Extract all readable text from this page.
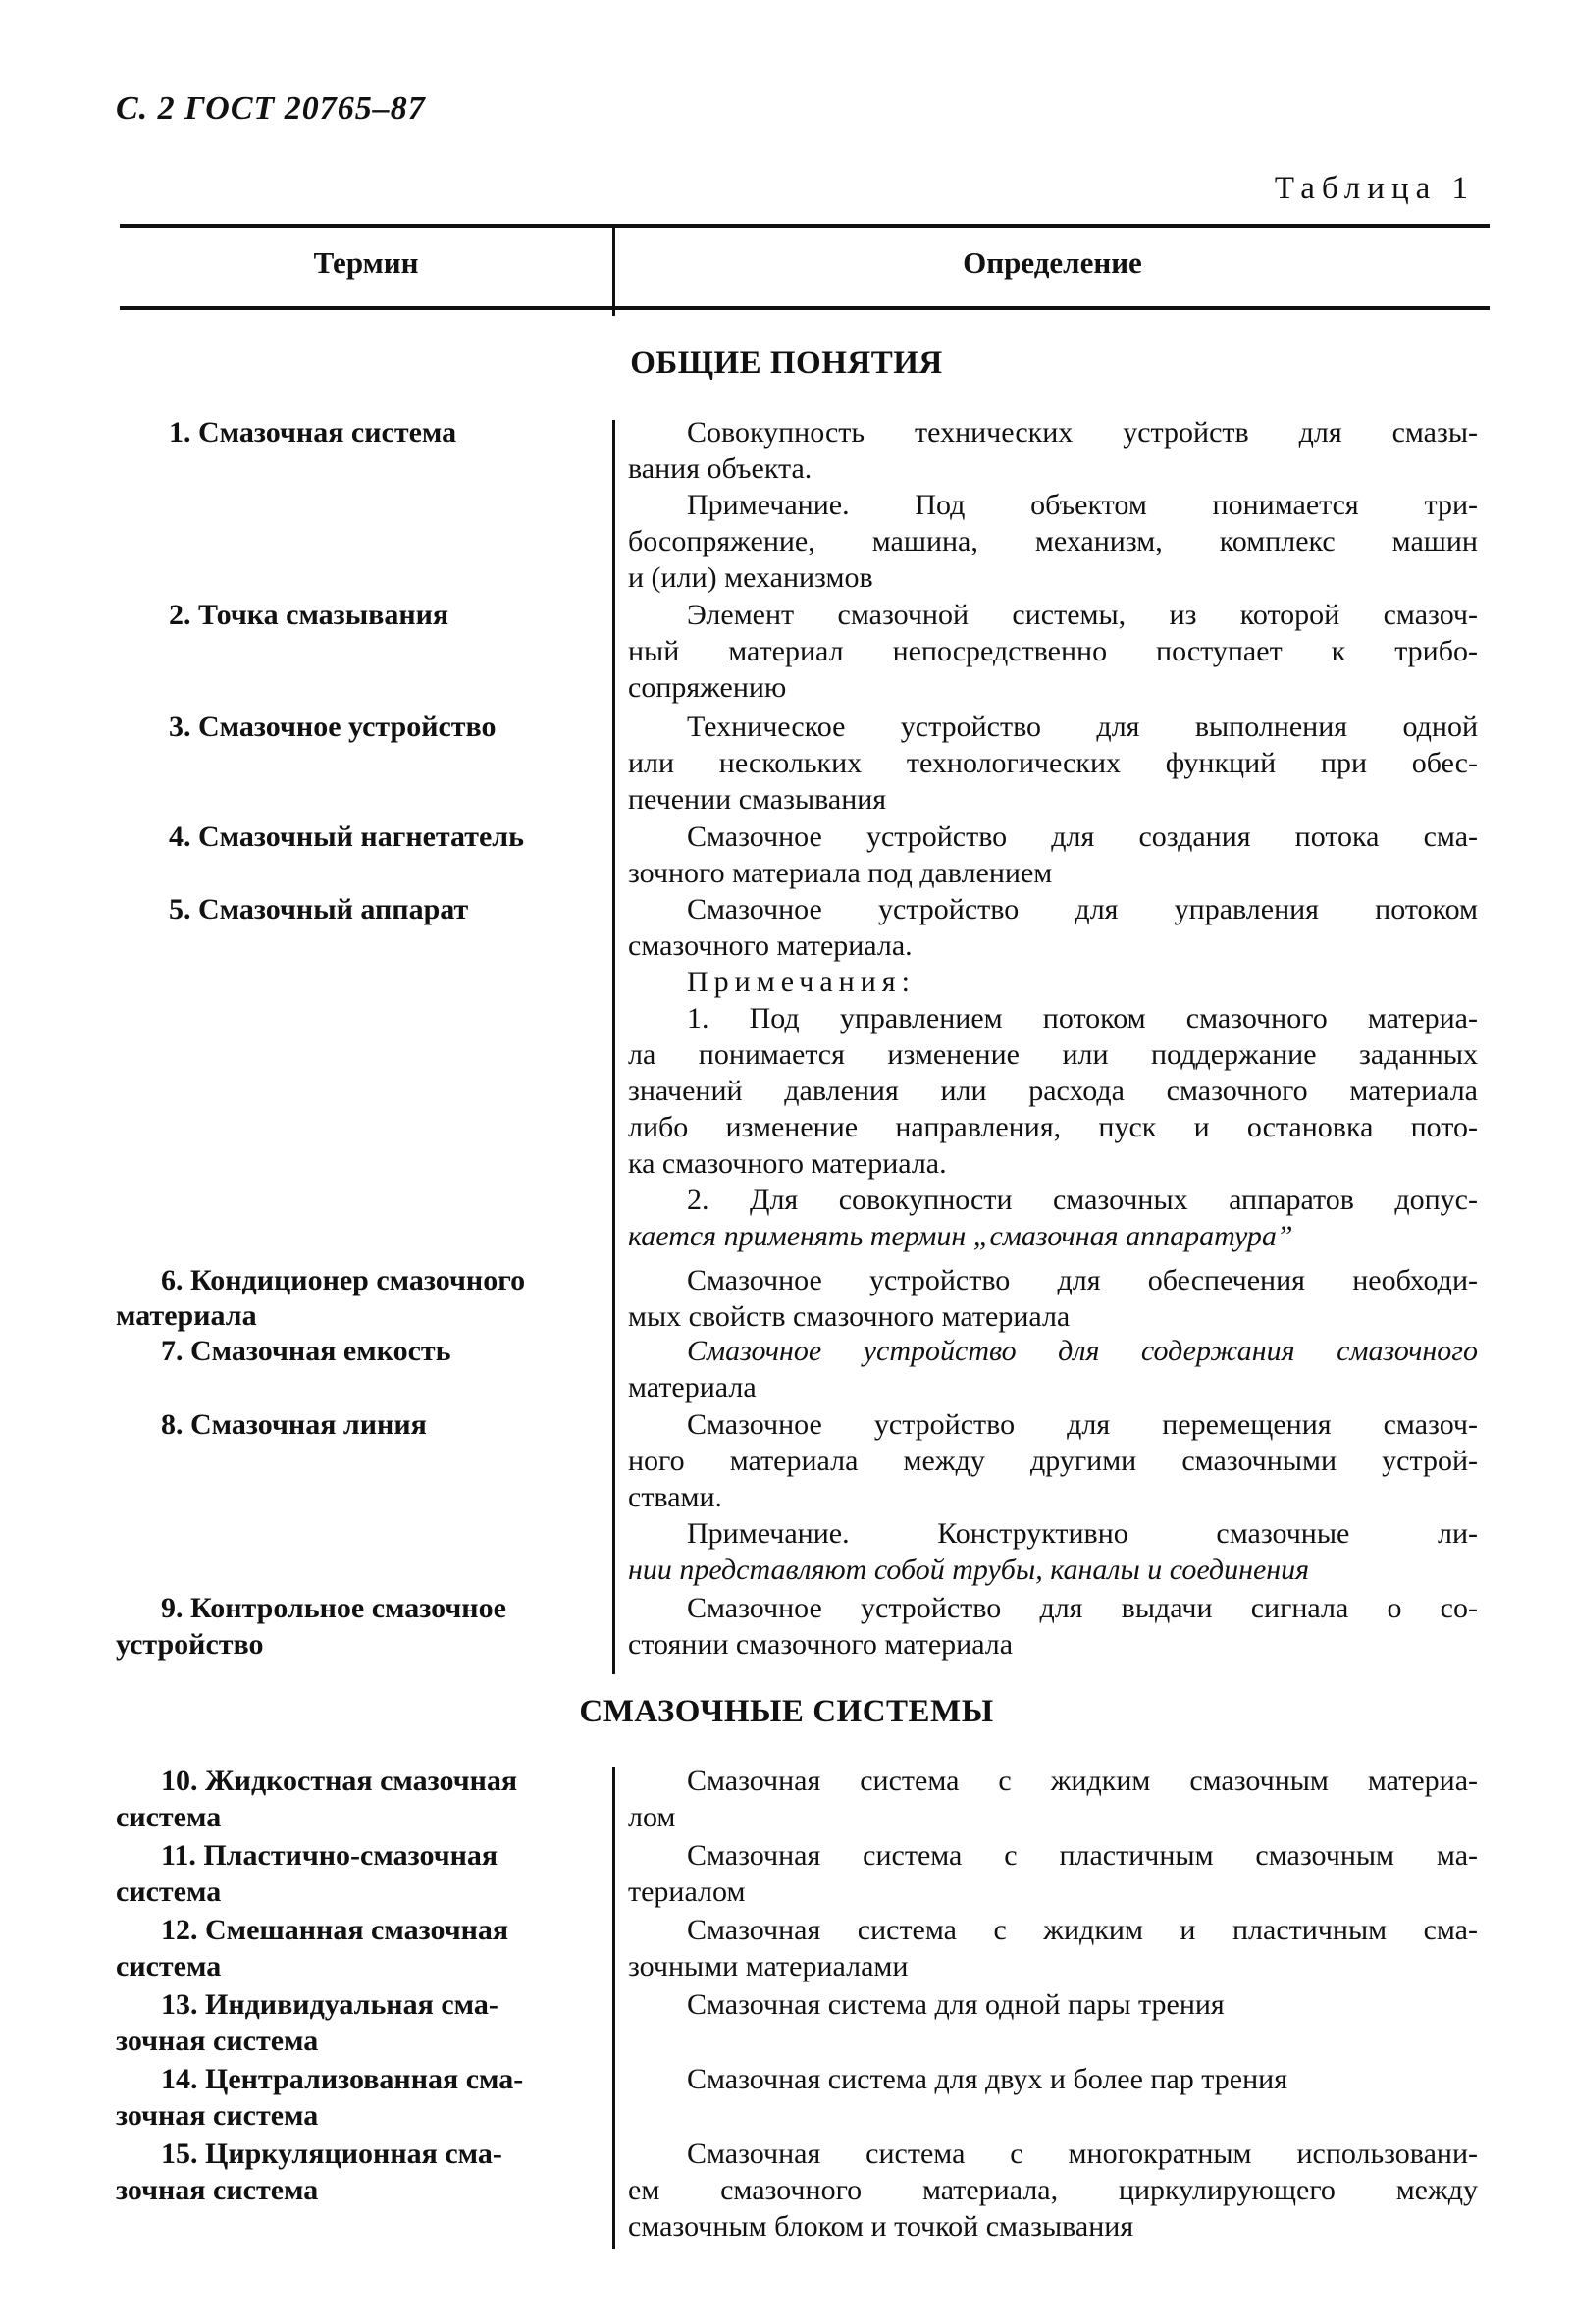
С. 2 ГОСТ 20765–87
Таблица 1
Термин	Определение
ОБЩИЕ ПОНЯТИЯ
1. Смазочная система
2. Точка смазывания
3. Смазочное устройство
4. Смазочный нагнетатель
5. Смазочный аппарат
6. Кондиционер смазочного
материала
7. Смазочная емкость
8. Смазочная линия
9. Контрольное смазочное
устройство
Совокупность технических устройств для смазы-
вания объекта.
Примечание. Под объектом понимается три-
босопряжение, машина, механизм, комплекс машин
и (или) механизмов
Элемент смазочной системы, из которой смазоч-
ный материал непосредственно поступает к трибо-
сопряжению
Техническое устройство для выполнения одной
или нескольких технологических функций при обес-
печении смазывания
Смазочное устройство для создания потока сма-
зочного материала под давлением
Смазочное устройство для управления потоком
смазочного материала.
Примечания:
1. Под управлением потоком смазочного материа-
ла понимается изменение или поддержание заданных
значений давления или расхода смазочного материала
либо изменение направления, пуск и остановка пото-
ка смазочного материала.
2. Для совокупности смазочных аппаратов допус-
кается применять термин „смазочная аппаратура”
Смазочное устройство для обеспечения необходи-
мых свойств смазочного материала
Смазочное устройство для содержания смазочного
материала
Смазочное устройство для перемещения смазоч-
ного материала между другими смазочными устрой-
ствами.
Примечание. Конструктивно смазочные ли-
нии представляют собой трубы, каналы и соединения
Смазочное устройство для выдачи сигнала о со-
стоянии смазочного материала
СМАЗОЧНЫЕ СИСТЕМЫ
10. Жидкостная смазочная
система
11. Пластично-смазочная
система
12. Смешанная смазочная
система
13. Индивидуальная сма-
зочная система
14. Централизованная сма-
зочная система
15. Циркуляционная сма-
зочная система
Смазочная система с жидким смазочным материа-
лом
Смазочная система с пластичным смазочным ма-
териалом
Смазочная система с жидким и пластичным сма-
зочными материалами
Смазочная система для одной пары трения
Смазочная система для двух и более пар трения
Смазочная система с многократным использовани-
ем смазочного материала, циркулирующего между
смазочным блоком и точкой смазывания
